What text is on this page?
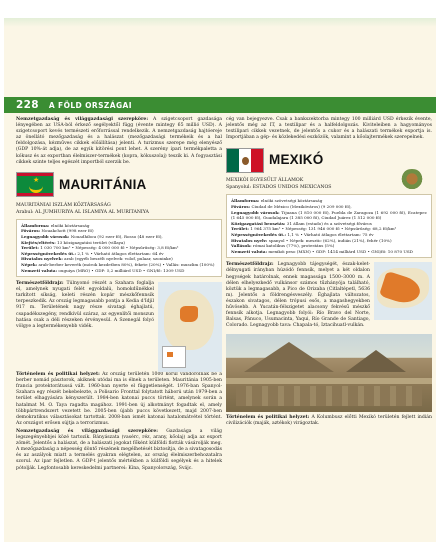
228 A FÖLD ORSZÁGAI

Nemzetgazdaság és világgazdasági szerepköre: A szigetcsoport gazdasága lényegében az USA-ból érkező segélyektől függ (évente mintegy 65 millió USD). A szigetcsoport kevés természeti erőforrással rendelkezik. A nemzetgazdaság hajtóereje az önellátó mezőgazdaság és a halászat (mezőgazdasági termékeik és a hal feldolgozása, kézműves cikkek előállítása) jelenti. A turizmus szerepe még elenyésző (GDP 10%-át adja), de az egyik kitörési pont lehet. A szerény ipari termékpaletta a kókusz és az exportban élelmiszer-termékek (kopra, kókuszolaj) teszik ki. A fogyasztási cikkek szinte teljes egészét importból szerzik be.

★ MAURITÁNIA
MAURITÁNIAI ISZLÁM KÖZTÁRSASÁG
Arabul: AL JUMHURIYA AL ISLAMIYA AL MURITANIYA
Államforma: elnöki köztársaság
Főváros: Nouakchott (998 ezer fő)
Legnagyobb városok: Nouadhibou (92 ezer fő), Rosso (48 ezer fő),
Kiejtés/eltérés: 13 közigazgatási terület (villaya)
Terület: 1 030 700 km² • Népesség: 4 000 000 fő • Népsűrűség: 3,8 fő/km²
Népességnövekedés üt.: 2,1 % • Várható átlagos élettartam: 64 év
Hivatalos nyelvek: arab (egyéb beszélt nyelvek: volof, pulaar, szoninke)
Népek: arab-berber keverék (mórok kezdetben 80%), fekete (20%) • Vallás: muszlim (100%)
Nemzeti valuta: ouguiya (MRO) • GDP: 5,2 milliárd USD • GNI/fő: 1309 USD

Természetföldrajz: Túlnyomó részét a Szahara foglalja el, amelynek nyugati felét egyoldalú, homokdűnékkel tarkított síkság, keleti részén kopár mészkőfennsík terpeszkedik. Az ország legmagasabb pontja a Kedia d'Idjil 917 m. Területének nagy része sivatagi éghajlatú, csapadékszegény, rendkívül száraz, az egyenlítői monszun hatása csak a déli részeken érvényesül. A Szenegál folyó völgye a legtermékenyebb vidék.

Történelem és politikai helyzet: Az ország területén 1000 körül vándorolnak be a berber nomád pásztorok, akiknek utódai ma is élnek a területen. Mauritánia 1905-ben francia protektorátussá vált. 1960-ban nyerte el függetlenségét. 1976-ban Spanyol-Szahara egy részét bekebelezte, a Polisario Fronttal folytatott háború után 1979-ben a terület elhagyására kényszerült. 1984-ben katonai puccs történt, amelynek során a hatalmat M. O. Taya ragadta magához. 1991-ben új alkotmányt fogadtak el, amely többpártrendszert vezetett be. 2005-ben újabb puccs következett, majd 2007-ben demokratikus választásokat tartottak. 2008-ban ismét katonai hatalomátvétel történt. Az országot erősen sújtja a terrorizmus.

Nemzetgazdaság és világgazdasági szerepköre: Gazdasága a világ legszegényebbjei közé tartozik. Bányászata (vasérc, réz, arany, kőolaj) adja az export zömét. Jelentős a halászat, de a halászati jogokat főként külföldi flották vásárolják meg. A mezőgazdaság a népesség döntő részének megélhetését biztosítja, de a sivatagosodás és az aszályok miatt a termelés gyakran elégtelen, az ország élelmiszerbehozatalra szorul. Az ipar fejletlen. A GDP-t jelentős mértékben a külföldi segélyek és a hitelek pótolják. Legfontosabb kereskedelmi partnerei: Kína, Spanyolország, Svájc.

cég van bejegyezve. Csak a bankszektorba mintegy 100 milliárd USD érkezik évente, jelentős még az IT, a textilipar és a halfeldolgozás. Kiviteleiben a hagyományos textilipari cikkek vezetnek, de jelentős a cukor és a halászati termékek exportja is. Importjában a gép- és közlekedési eszközök, valamint a kőolajtermékek szerepelnek.

MEXIKÓ
MEXIKÓI EGYESÜLT ÁLLAMOK
Spanyolul: ESTADOS UNIDOS MEXICANOS
Államforma: elnöki szövetségi köztársaság
Főváros: Ciudad de México (Mexikóváros) (9 209 000 fő),
Legnagyobb városok: Tijuana (1 810 000 fő), Puebla de Zaragoza (1 692 000 fő), Ecatepec (1 645 000 fő), Guadalajara (1 385 000 fő), Ciudad Juárez (1 512 000 fő)
Közigazgatási beosztás: 31 állam (estado) és a szövetségi főváros
Terület: 1 964 375 km² • Népesség: 131 946 000 fő • Népsűrűség: 68,2 fő/km²
Népességnövekedés üt.: 1,1 % • Várható átlagos élettartam: 75 év
Hivatalos nyelv: spanyol • Népek: mesztic (62%), indián (21%), fehér (10%)
Vallások: római katolikus (77%), protestáns (5%)
Nemzeti valuta: mexikói peso (MXN) • GDP: 1414 milliárd USD • GNI/fő: 10 870 USD

Természetföldrajz: Legnagyobb tájegységét, észak-kelet-délnyugati irányban húzódó fennsík, melyet a két oldalon hegységek határolnak, ennek magassága 1500–3000 m. A délen elhelyezkedő vulkánsor számos tűzhányója található, köztük a legmagasabb, a Pico de Orizaba (Citlaltépetl, 5636 m). Jelentős a földrengésveszély. Éghajlata változatos, északon sivatagos, délen trópusi esős, a magashegyekben hűvösebb. A Yucatán-félszigetet alacsony fekvésű mészkő fennsík alkotja. Legnagyobb folyói: Río Bravo del Norte, Balsas, Pánuco, Usumacinta, Yaqui, Río Grande de Santiago, Colorado. Legnagyobb tava: Chapala-tó, Iztacihuatl-vulkán.

Történelem és politikai helyzet: A Kolumbusz előtti Mexikó területén fejlett indián civilizációk (maják, aztékok) virágoztak.
